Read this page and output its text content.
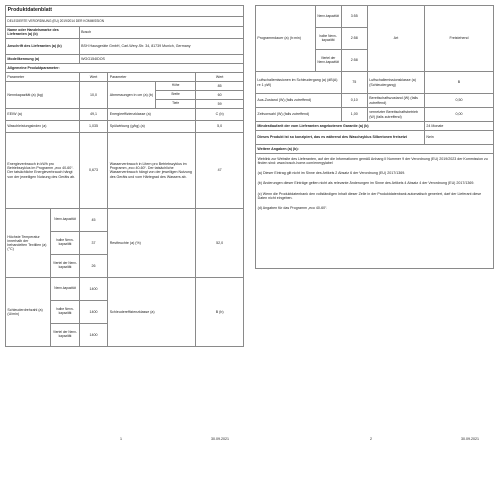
Produktdatenblatt					
DELEGIERTE VERORDNUNG (EU) 2019/2014 DER KOMMISSION					
Name oder Handelsmarke des Lieferanten (a) (b)		Bosch			
Anschrift des Lieferanten (a) (b)		BSH Hausgeräte GmbH, Carl-Wery-Str. 34, 81739 Munich, Germany			
Modellkennung (a)		WGG154IDOS			
Allgemeine Produktparameter:					
Parameter		Wert	Parameter		Wert
Nennkapazität (a) (kg)		10,0	Abmessungen in cm (a) (b)	Höhe	85
				Breite	60
				Tiefe	59
EEIW (a)		49,1	Energieeffizienzklasse (a)		C (b)
Waschleistungsindex (a)		1,035	Spülwirkung (g/kg) (a)		5,0
Energieverbrauch in kWh pro Betriebszyklus im Programm „eco 40-60“. Der tatsächliche Energieverbrauch hängt von der jeweiligen Nutzung des Geräts ab.		0,673	Wasserverbrauch in Litern pro Betriebszyklus im Programm „eco 40-60“. Der tatsächliche Wasserverbrauch hängt von der jeweiligen Nutzung des Geräts und vom Härtegrad des Wassers ab.		47
Höchste Temperatur innerhalb der behandelten Textilien (a) (°C)	Nenn-kapazität	45	Restfeuchte (a) (%)		52,0
	halbe Nenn-kapazität	37			
	Viertel der Nenn-kapazität	26			
Schleuderdrehzahl (a) (U/min)	Nenn-kapazität	1400	Schleudereffizienzklasse (a)		B (b)
	halbe Nenn-kapazität	1400			
	Viertel der Nenn-kapazität	1400			
1	30.09.2021
Programmdauer (a) (h:min)	Nenn-kapazität	3:55	Art	Freistehend
	halbe Nenn-kapazität	2:58		
	Viertel der Nenn-kapazität	2:58		
Luftschallemissionen im Schleudergang (a) (dB(A) re 1 pW)		75	Luftschallemissionsklasse (a) (Schleudergang)	B
Aus-Zustand (W) (falls zutreffend)		0,10	Bereitschaftszustand (W) (falls zutreffend)	0,50
Zeitvorwahl (W) (falls zutreffend)		1,00	vernetzter Bereitschaftsbetrieb (W) (falls zutreffend)	0,00
Mindestlaufzeit der vom Lieferanten angebotenen Garantie (a) (b)				24 Monate
Dieses Produkt ist so konzipiert, das es während des Waschzyklus Silberionen freisetzt				Nein
Weitere Angaben (a) (b):				

Weblink zur Website des Lieferanten, auf der die Informationen gemäß Anhang II Nummer 9 der Verordnung (EU) 2019/2023 der Kommission zu finden sind: www.bosch-home.com/energylabel
(a) Dieser Eintrag gilt nicht im Sinne des Artikels 2 Absatz 6 der Verordnung (EU) 2017/1369.
(b) Änderungen dieser Einträge gelten nicht als relevante Änderungen im Sinne des Artikels 4 Absatz 4 der Verordnung (EU) 2017/1369.
(c) Wenn die Produktdatenbank den vollständigen Inhalt dieser Zelle in der Produktdatenbank automatisch generiert, darf der Lieferant diese Daten nicht eingeben.
(d) Angaben für das Programm „eco 40-60“.				
2	30.09.2021
